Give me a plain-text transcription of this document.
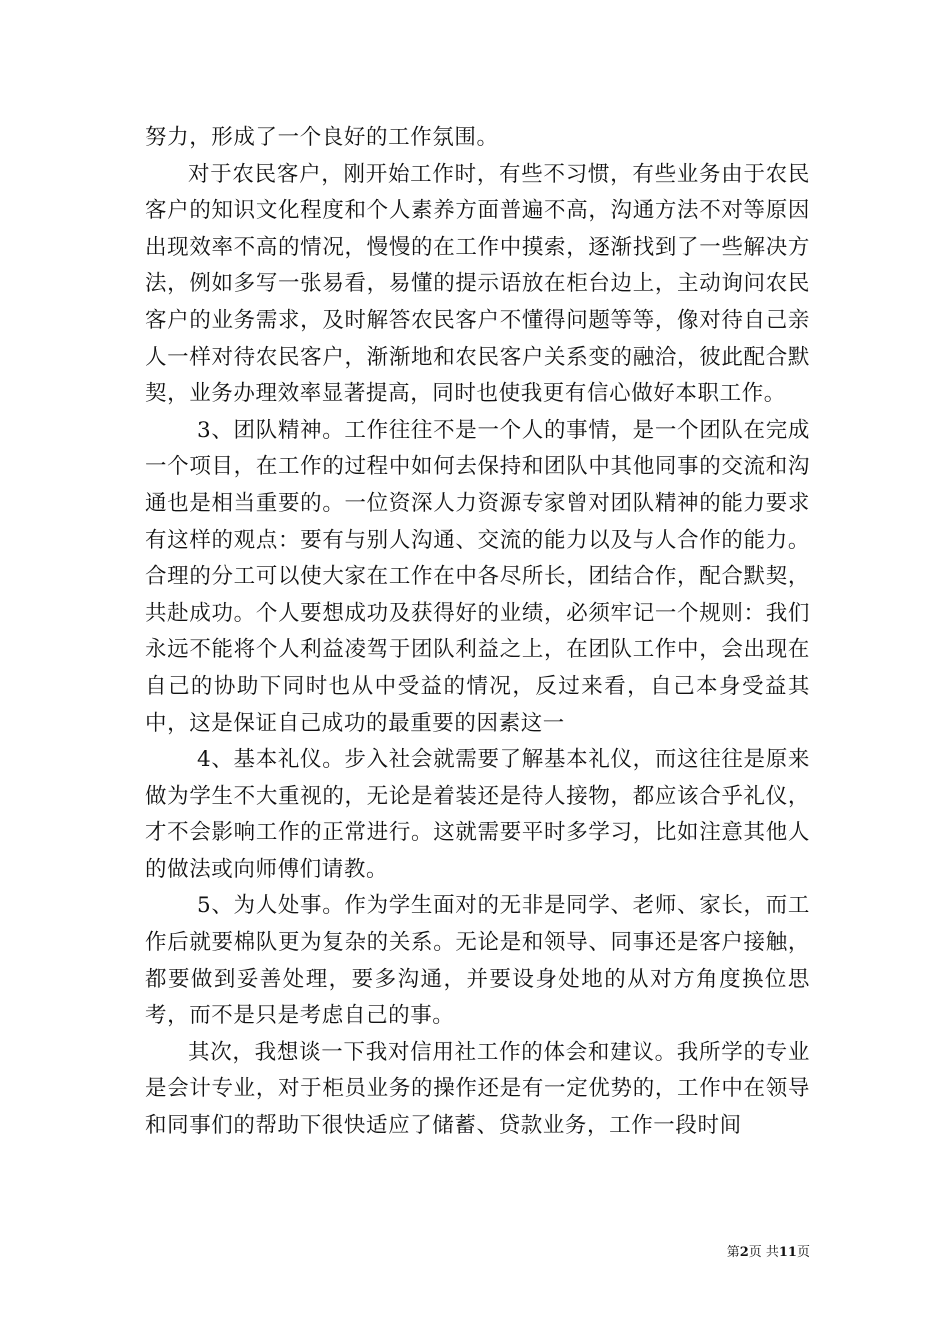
努力，形成了一个良好的工作氛围。

对于农民客户，刚开始工作时，有些不习惯，有些业务由于农民客户的知识文化程度和个人素养方面普遍不高，沟通方法不对等原因出现效率不高的情况，慢慢的在工作中摸索，逐渐找到了一些解决方法，例如多写一张易看，易懂的提示语放在柜台边上，主动询问农民客户的业务需求，及时解答农民客户不懂得问题等等，像对待自己亲人一样对待农民客户，渐渐地和农民客户关系变的融洽，彼此配合默契，业务办理效率显著提高，同时也使我更有信心做好本职工作。

3、团队精神。工作往往不是一个人的事情，是一个团队在完成一个项目，在工作的过程中如何去保持和团队中其他同事的交流和沟通也是相当重要的。一位资深人力资源专家曾对团队精神的能力要求有这样的观点：要有与别人沟通、交流的能力以及与人合作的能力。合理的分工可以使大家在工作在中各尽所长，团结合作，配合默契，共赴成功。个人要想成功及获得好的业绩，必须牢记一个规则：我们永远不能将个人利益凌驾于团队利益之上，在团队工作中，会出现在自己的协助下同时也从中受益的情况，反过来看，自己本身受益其中，这是保证自己成功的最重要的因素这一

4、基本礼仪。步入社会就需要了解基本礼仪，而这往往是原来做为学生不大重视的，无论是着装还是待人接物，都应该合乎礼仪，才不会影响工作的正常进行。这就需要平时多学习，比如注意其他人的做法或向师傅们请教。

5、为人处事。作为学生面对的无非是同学、老师、家长，而工作后就要棉队更为复杂的关系。无论是和领导、同事还是客户接触，都要做到妥善处理，要多沟通，并要设身处地的从对方角度换位思考，而不是只是考虑自己的事。

其次，我想谈一下我对信用社工作的体会和建议。我所学的专业是会计专业，对于柜员业务的操作还是有一定优势的，工作中在领导和同事们的帮助下很快适应了储蓄、贷款业务，工作一段时间

第2页 共11页
